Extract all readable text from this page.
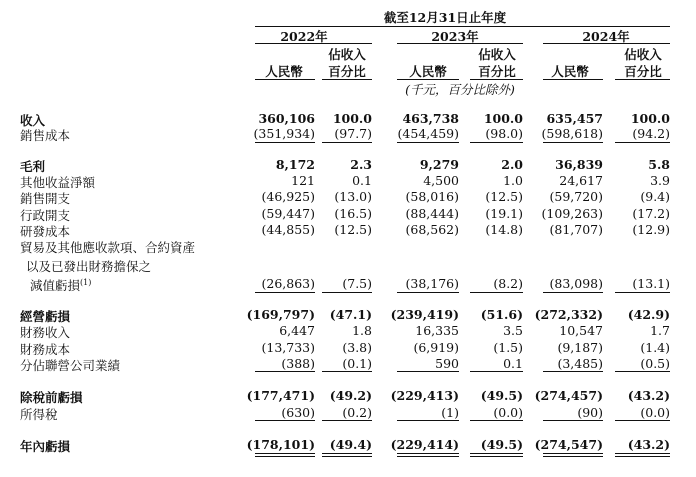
截至12月31日止年度
2022年	2023年	2024年
佔收入	佔收入	佔收入
人民幣 百分比	人民幣	百分比	人民幣	百分比
(千元，百分比除外)
收入	360,106 100.0 463,738 100.0 635,457 100.0
銷售成本	(351,934) (97.7) (454,459) (98.0) (598,618) (94.2)
毛利	8,172	2.3	9,279	2.0	36,839	5.8
其他收益淨額	121	0.1	4,500	1.0	24,617	3.9
銷售開支	(46,925) (13.0)	(58,016) (12.5) (59,720)	(9.4)
行政開支	(59,447) (16.5)	(88,444) (19.1) (109,263) (17.2)
研發成本	(44,855) (12.5)	(68,562) (14.8) (81,707) (12.9)
貿易及其他應收款項、合約資產
以及已發出財務擔保之
減值虧損$^{(1)}$	(26,863) (7.5)	(38,176)	(8.2) (83,098) (13.1)
經營虧損	(169,797) (47.1) (239,419) (51.6) (272,332) (42.9)
財務收入	6,447	1.8	16,335	3.5	10,547	1.7
財務成本	(13,733) (3.8)	(6,919)	(1.5)	(9,187)	(1.4)
分佔聯營公司業績	(388) (0.1)	590	0.1	(3,485)	(0.5)
除稅前虧損	(177,471) (49.2) (229,413) (49.5) (274,457) (43.2)
所得稅	(630) (0.2)	(1)	(0.0)	(90)	(0.0)
年內虧損	(178,101) (49.4) (229,414) (49.5) (274,547) (43.2)
